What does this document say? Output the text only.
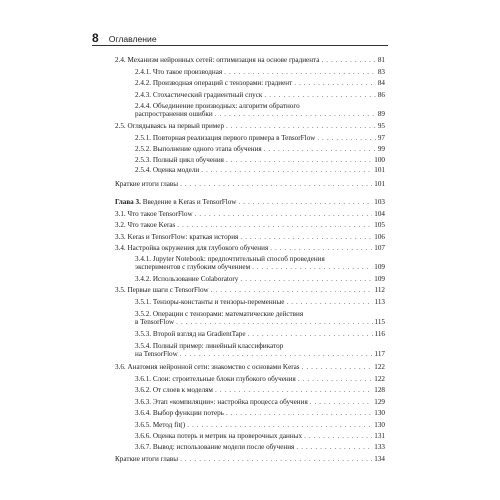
8 Оглавление
2.4. Механизм нейронных сетей: оптимизация на основе градиента . . .	81
2.4.1. Что такое производная . . .	83
2.4.2. Производная операций с тензорами: градиент . . .	84
2.4.3. Стохастический градиентный спуск . . .	86
2.4.4. Объединение производных: алгоритм обратного
распространения ошибки . . .	89
2.5. Оглядываясь на первый пример . . .	95
2.5.1. Повторная реализация первого примера в TensorFlow . . .	97
2.5.2. Выполнение одного этапа обучения . . .	99
2.5.3. Полный цикл обучения . . .	100
2.5.4. Оценка модели . . .	101
Краткие итоги главы . . .	101
Глава 3.
Введение в Keras и TensorFlow . . .	103
3.1. Что такое TensorFlow . . .	104
3.2. Что такое Keras . . .	105
3.3. Keras и TensorFlow: краткая история . . .	106
3.4. Настройка окружения для глубокого обучения . . .	107
3.4.1. Jupyter Notebook: предпочтительный способ проведения
экспериментов с глубоким обучением . . .	109
3.4.2. Использование Colaboratory . . .	109
3.5. Первые шаги с TensorFlow . . .	112
3.5.1. Тензоры-константы и тензоры-переменные . . .	113
3.5.2. Операции с тензорами: математические действия
в TensorFlow . . .	115
3.5.3. Второй взгляд на GradientTape . . .	116
3.5.4. Полный пример: линейный классификатор
на TensorFlow . . .	117
3.6. Анатомия нейронной сети: знакомство с основами Keras . . .	122
3.6.1. Слои: строительные блоки глубокого обучения . . .	122
3.6.2. От слоев к моделям . . .	128
3.6.3. Этап «компиляции»: настройка процесса обучения . . .	129
3.6.4. Выбор функции потерь . . .	130
3.6.5. Метод fit() . . .	130
3.6.6. Оценка потерь и метрик на проверочных данных . . .	131
3.6.7. Вывод: использование модели после обучения . . .	133
Краткие итоги главы . . .	134
